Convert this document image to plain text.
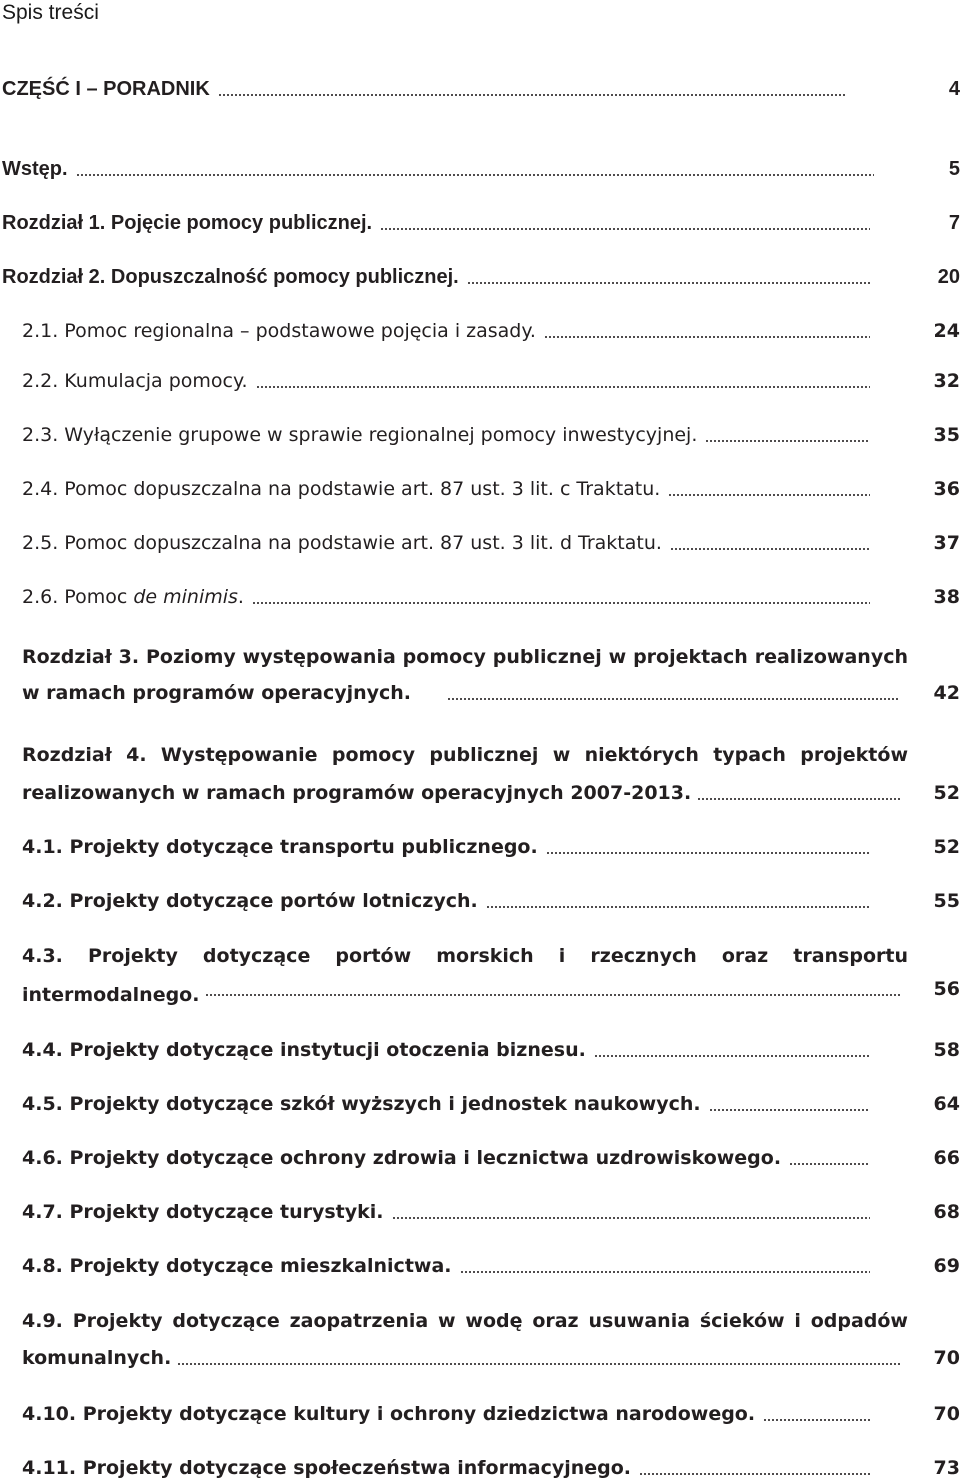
Spis treści
CZĘŚĆ I – PORADNIK	4
Wstęp.	5
Rozdział 1. Pojęcie pomocy publicznej.	7
Rozdział 2. Dopuszczalność pomocy publicznej.	20
2.1. Pomoc regionalna – podstawowe pojęcia i zasady.	24
2.2. Kumulacja pomocy.	32
2.3. Wyłączenie grupowe w sprawie regionalnej pomocy inwestycyjnej.	35
2.4. Pomoc dopuszczalna na podstawie art. 87 ust. 3 lit. c Traktatu.	36
2.5. Pomoc dopuszczalna na podstawie art. 87 ust. 3 lit. d Traktatu.	37
2.6. Pomoc de minimis.	38
Rozdział 3. Poziomy występowania pomocy publicznej w projektach realizowanych
w ramach programów operacyjnych.	42
Rozdział 4. Występowanie pomocy publicznej w niektórych typach projektów
realizowanych w ramach programów operacyjnych 2007-2013.	52
4.1. Projekty dotyczące transportu publicznego.	52
4.2. Projekty dotyczące portów lotniczych.	55
4.3. Projekty dotyczące portów morskich i rzecznych oraz transportu
intermodalnego.	56
4.4. Projekty dotyczące instytucji otoczenia biznesu.	58
4.5. Projekty dotyczące szkół wyższych i jednostek naukowych.	64
4.6. Projekty dotyczące ochrony zdrowia i lecznictwa uzdrowiskowego.	66
4.7. Projekty dotyczące turystyki.	68
4.8. Projekty dotyczące mieszkalnictwa.	69
4.9. Projekty dotyczące zaopatrzenia w wodę oraz usuwania ścieków i odpadów
komunalnych.	70
4.10. Projekty dotyczące kultury i ochrony dziedzictwa narodowego.	70
4.11. Projekty dotyczące społeczeństwa informacyjnego.	73
